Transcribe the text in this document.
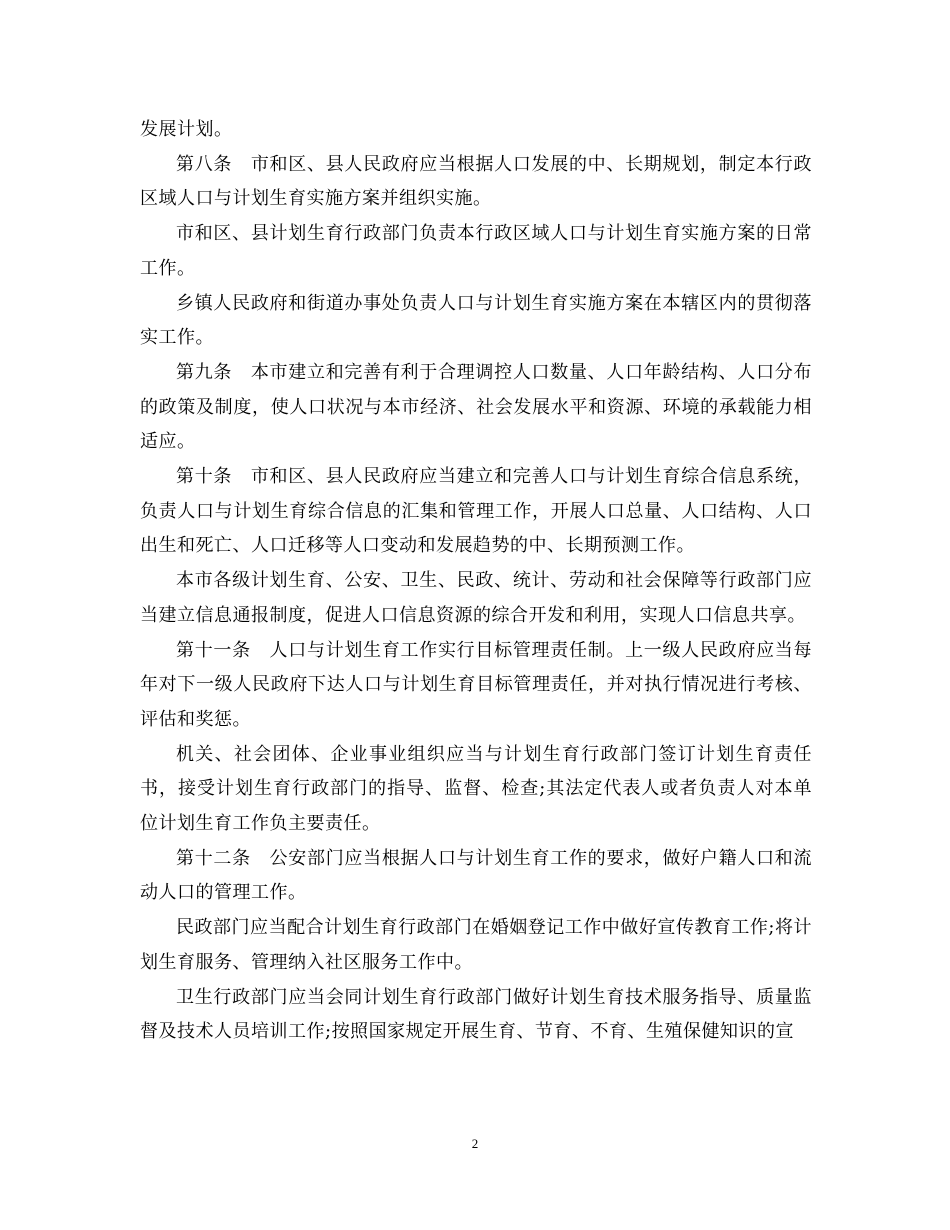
发展计划。

第八条　市和区、县人民政府应当根据人口发展的中、长期规划，制定本行政区域人口与计划生育实施方案并组织实施。

市和区、县计划生育行政部门负责本行政区域人口与计划生育实施方案的日常工作。

乡镇人民政府和街道办事处负责人口与计划生育实施方案在本辖区内的贯彻落实工作。

第九条　本市建立和完善有利于合理调控人口数量、人口年龄结构、人口分布的政策及制度，使人口状况与本市经济、社会发展水平和资源、环境的承载能力相适应。

第十条　市和区、县人民政府应当建立和完善人口与计划生育综合信息系统，负责人口与计划生育综合信息的汇集和管理工作，开展人口总量、人口结构、人口出生和死亡、人口迁移等人口变动和发展趋势的中、长期预测工作。

本市各级计划生育、公安、卫生、民政、统计、劳动和社会保障等行政部门应当建立信息通报制度，促进人口信息资源的综合开发和利用，实现人口信息共享。

第十一条　人口与计划生育工作实行目标管理责任制。上一级人民政府应当每年对下一级人民政府下达人口与计划生育目标管理责任，并对执行情况进行考核、评估和奖惩。

机关、社会团体、企业事业组织应当与计划生育行政部门签订计划生育责任书，接受计划生育行政部门的指导、监督、检查;其法定代表人或者负责人对本单位计划生育工作负主要责任。

第十二条　公安部门应当根据人口与计划生育工作的要求，做好户籍人口和流动人口的管理工作。

民政部门应当配合计划生育行政部门在婚姻登记工作中做好宣传教育工作;将计划生育服务、管理纳入社区服务工作中。

卫生行政部门应当会同计划生育行政部门做好计划生育技术服务指导、质量监督及技术人员培训工作;按照国家规定开展生育、节育、不育、生殖保健知识的宣

2
